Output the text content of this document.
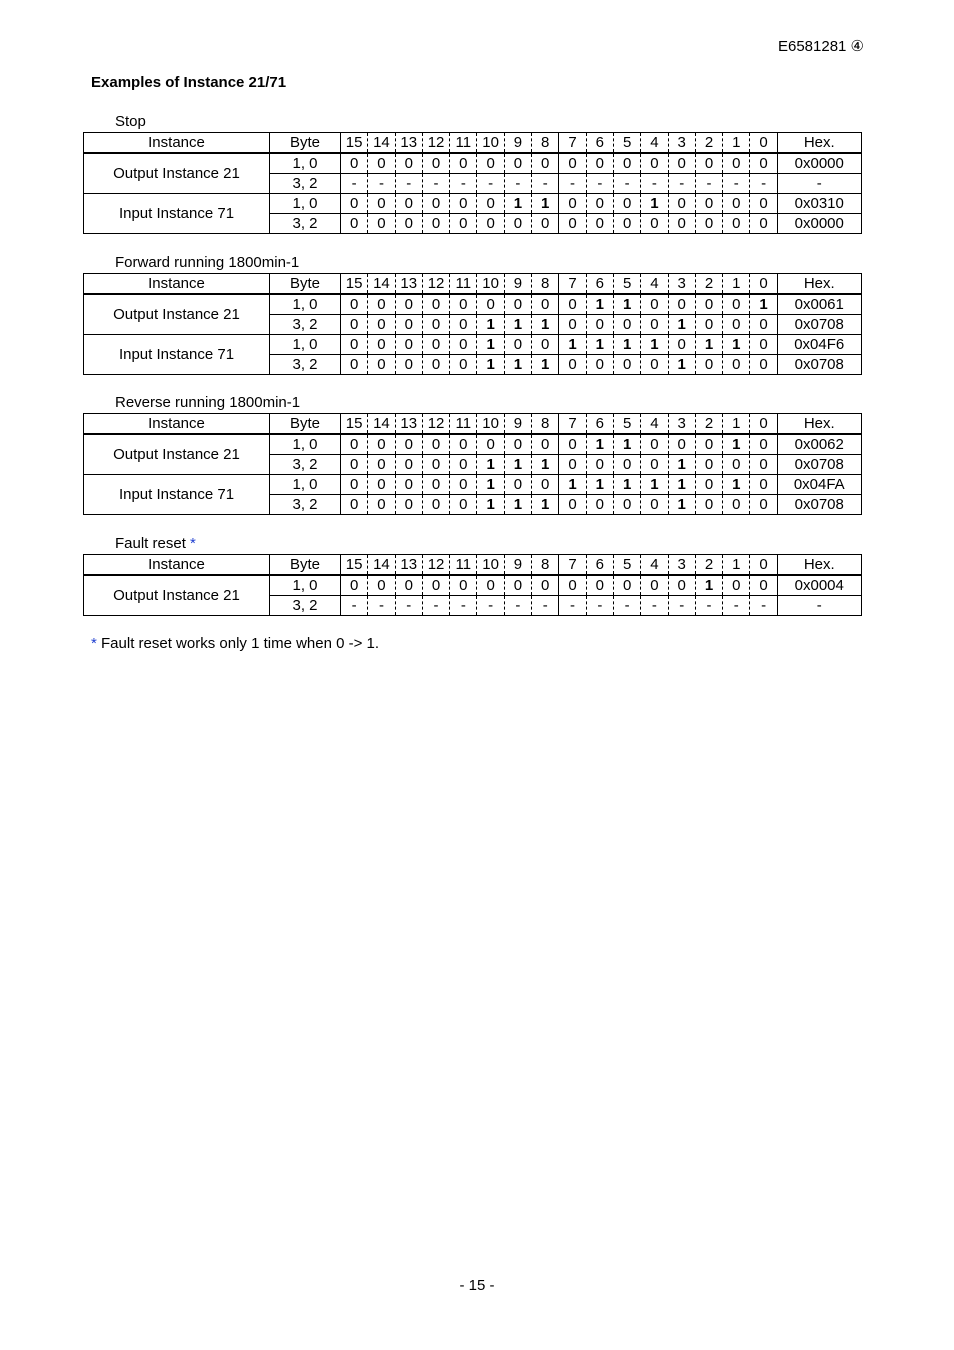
E6581281 ④
Examples of Instance 21/71
Stop
Instance	Byte	15	14	13	12	11	10	9	8	7	6	5	4	3	2	1	0	Hex.
Output Instance 21	1, 0	0	0	0	0	0	0	0	0	0	0	0	0	0	0	0	0	0x0000
	3, 2	-	-	-	-	-	-	-	-	-	-	-	-	-	-	-	-	-
Input Instance 71	1, 0	0	0	0	0	0	0	1	1	0	0	0	1	0	0	0	0	0x0310
	3, 2	0	0	0	0	0	0	0	0	0	0	0	0	0	0	0	0	0x0000
Forward running 1800min-1
Instance	Byte	15	14	13	12	11	10	9	8	7	6	5	4	3	2	1	0	Hex.
Output Instance 21	1, 0	0	0	0	0	0	0	0	0	0	1	1	0	0	0	0	1	0x0061
	3, 2	0	0	0	0	0	1	1	1	0	0	0	0	1	0	0	0	0x0708
Input Instance 71	1, 0	0	0	0	0	0	1	0	0	1	1	1	1	0	1	1	0	0x04F6
	3, 2	0	0	0	0	0	1	1	1	0	0	0	0	1	0	0	0	0x0708
Reverse running 1800min-1
Instance	Byte	15	14	13	12	11	10	9	8	7	6	5	4	3	2	1	0	Hex.
Output Instance 21	1, 0	0	0	0	0	0	0	0	0	0	1	1	0	0	0	1	0	0x0062
	3, 2	0	0	0	0	0	1	1	1	0	0	0	0	1	0	0	0	0x0708
Input Instance 71	1, 0	0	0	0	0	0	1	0	0	1	1	1	1	1	0	1	0	0x04FA
	3, 2	0	0	0	0	0	1	1	1	0	0	0	0	1	0	0	0	0x0708
Fault reset *
Instance	Byte	15	14	13	12	11	10	9	8	7	6	5	4	3	2	1	0	Hex.
Output Instance 21	1, 0	0	0	0	0	0	0	0	0	0	0	0	0	0	1	0	0	0x0004
	3, 2	-	-	-	-	-	-	-	-	-	-	-	-	-	-	-	-	-
* Fault reset works only 1 time when 0 -> 1.
- 15 -
